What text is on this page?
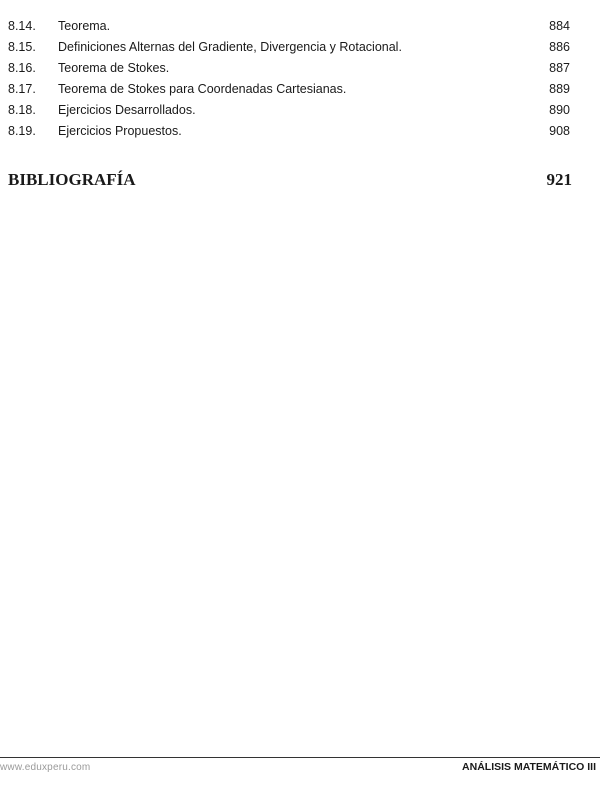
8.14. Teorema.	884
8.15. Definiciones Alternas del Gradiente, Divergencia y Rotacional.	886
8.16. Teorema de Stokes.	887
8.17. Teorema de Stokes para Coordenadas Cartesianas.	889
8.18. Ejercicios Desarrollados.	890
8.19. Ejercicios Propuestos.	908
BIBLIOGRAFÍA	921
www.eduxperu.com	ANÁLISIS MATEMÁTICO III
